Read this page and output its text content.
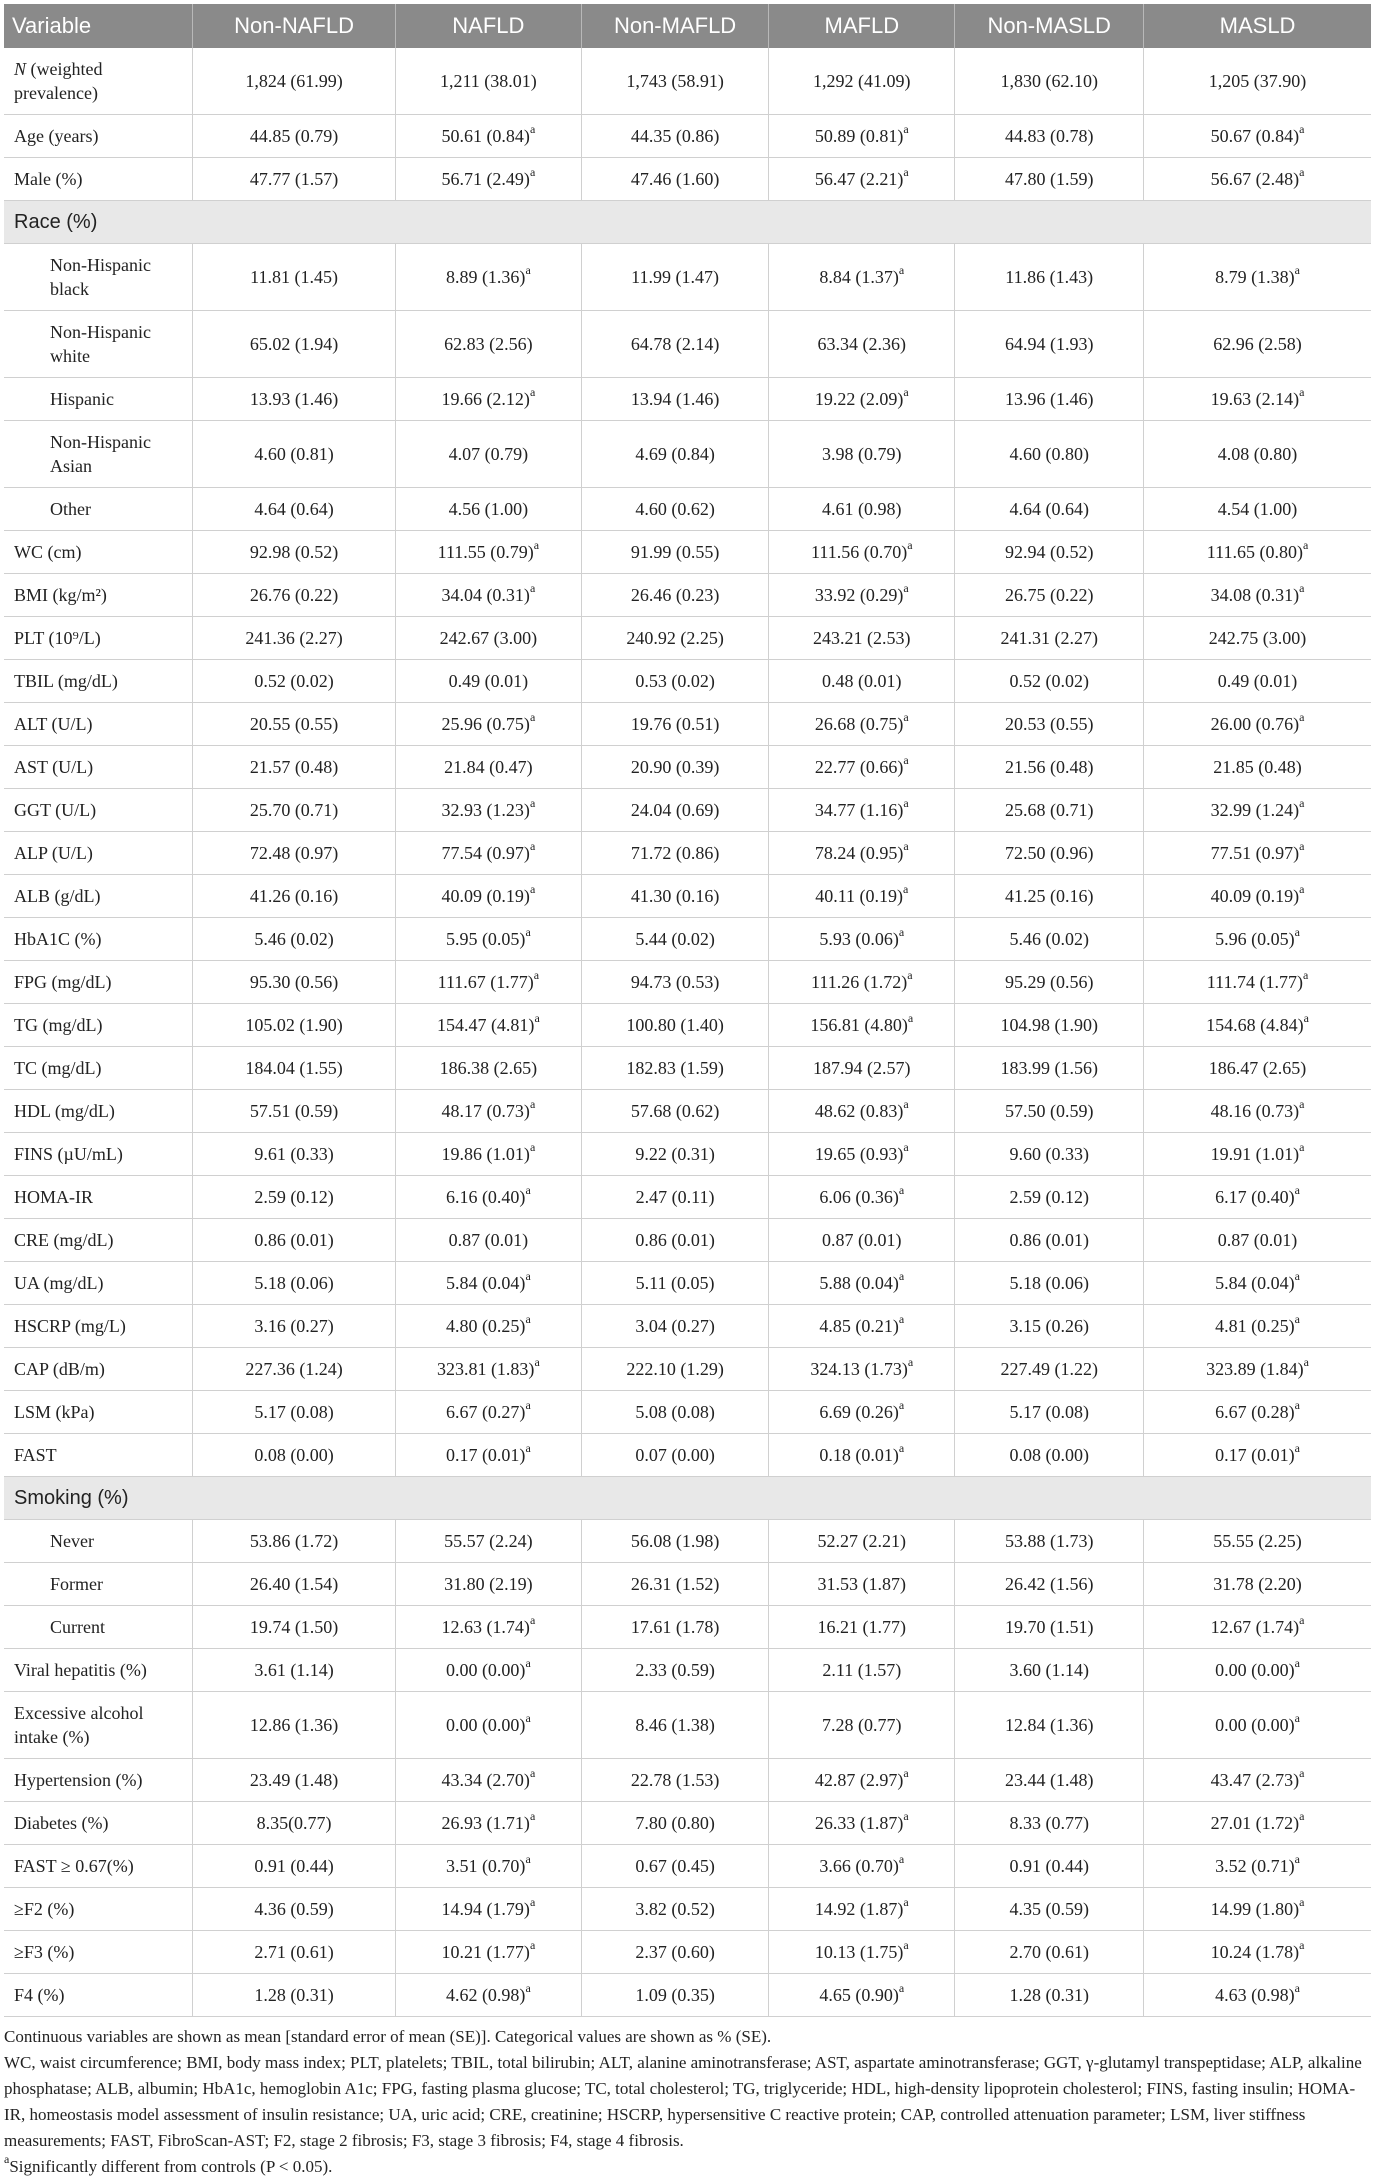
Variable	Non-NAFLD	NAFLD	Non-MAFLD	MAFLD	Non-MASLD	MASLD
N (weighted prevalence)	1,824 (61.99)	1,211 (38.01)	1,743 (58.91)	1,292 (41.09)	1,830 (62.10)	1,205 (37.90)
Age (years)	44.85 (0.79)	50.61 $(0.84)^a$	44.35 (0.86)	50.89 $(0.81)^a$	44.83 (0.78)	50.67 $(0.84)^a$
Male (%)	47.77 (1.57)	56.71 $(2.49)^a$	47.46 (1.60)	56.47 $(2.21)^a$	47.80 (1.59)	56.67 $(2.48)^a$
Race (%)						
Non-Hispanic black	11.81 (1.45)	8.89 $(1.36)^a$	11.99 (1.47)	8.84 $(1.37)^a$	11.86 (1.43)	8.79 $(1.38)^a$
Non-Hispanic white	65.02 (1.94)	62.83 (2.56)	64.78 (2.14)	63.34 (2.36)	64.94 (1.93)	62.96 (2.58)
Hispanic	13.93 (1.46)	19.66 $(2.12)^a$	13.94 (1.46)	19.22 $(2.09)^a$	13.96 (1.46)	19.63 $(2.14)^a$
Non-Hispanic Asian	4.60 (0.81)	4.07 (0.79)	4.69 (0.84)	3.98 (0.79)	4.60 (0.80)	4.08 (0.80)
Other	4.64 (0.64)	4.56 (1.00)	4.60 (0.62)	4.61 (0.98)	4.64 (0.64)	4.54 (1.00)
WC (cm)	92.98 (0.52)	111.55 $(0.79)^a$	91.99 (0.55)	111.56 $(0.70)^a$	92.94 (0.52)	111.65 $(0.80)^a$
BMI (kg/m²)	26.76 (0.22)	34.04 $(0.31)^a$	26.46 (0.23)	33.92 $(0.29)^a$	26.75 (0.22)	34.08 $(0.31)^a$
PLT (10⁹/L)	241.36 (2.27)	242.67 (3.00)	240.92 (2.25)	243.21 (2.53)	241.31 (2.27)	242.75 (3.00)
TBIL (mg/dL)	0.52 (0.02)	0.49 (0.01)	0.53 (0.02)	0.48 (0.01)	0.52 (0.02)	0.49 (0.01)
ALT (U/L)	20.55 (0.55)	25.96 $(0.75)^a$	19.76 (0.51)	26.68 $(0.75)^a$	20.53 (0.55)	26.00 $(0.76)^a$
AST (U/L)	21.57 (0.48)	21.84 (0.47)	20.90 (0.39)	22.77 $(0.66)^a$	21.56 (0.48)	21.85 (0.48)
GGT (U/L)	25.70 (0.71)	32.93 $(1.23)^a$	24.04 (0.69)	34.77 $(1.16)^a$	25.68 (0.71)	32.99 $(1.24)^a$
ALP (U/L)	72.48 (0.97)	77.54 $(0.97)^a$	71.72 (0.86)	78.24 $(0.95)^a$	72.50 (0.96)	77.51 $(0.97)^a$
ALB (g/dL)	41.26 (0.16)	40.09 $(0.19)^a$	41.30 (0.16)	40.11 $(0.19)^a$	41.25 (0.16)	40.09 $(0.19)^a$
HbA1C (%)	5.46 (0.02)	5.95 $(0.05)^a$	5.44 (0.02)	5.93 $(0.06)^a$	5.46 (0.02)	5.96 $(0.05)^a$
FPG (mg/dL)	95.30 (0.56)	111.67 $(1.77)^a$	94.73 (0.53)	111.26 $(1.72)^a$	95.29 (0.56)	111.74 $(1.77)^a$
TG (mg/dL)	105.02 (1.90)	154.47 $(4.81)^a$	100.80 (1.40)	156.81 $(4.80)^a$	104.98 (1.90)	154.68 $(4.84)^a$
TC (mg/dL)	184.04 (1.55)	186.38 (2.65)	182.83 (1.59)	187.94 (2.57)	183.99 (1.56)	186.47 (2.65)
HDL (mg/dL)	57.51 (0.59)	48.17 $(0.73)^a$	57.68 (0.62)	48.62 $(0.83)^a$	57.50 (0.59)	48.16 $(0.73)^a$
FINS (µU/mL)	9.61 (0.33)	19.86 $(1.01)^a$	9.22 (0.31)	19.65 $(0.93)^a$	9.60 (0.33)	19.91 $(1.01)^a$
HOMA-IR	2.59 (0.12)	6.16 $(0.40)^a$	2.47 (0.11)	6.06 $(0.36)^a$	2.59 (0.12)	6.17 $(0.40)^a$
CRE (mg/dL)	0.86 (0.01)	0.87 (0.01)	0.86 (0.01)	0.87 (0.01)	0.86 (0.01)	0.87 (0.01)
UA (mg/dL)	5.18 (0.06)	5.84 $(0.04)^a$	5.11 (0.05)	5.88 $(0.04)^a$	5.18 (0.06)	5.84 $(0.04)^a$
HSCRP (mg/L)	3.16 (0.27)	4.80 $(0.25)^a$	3.04 (0.27)	4.85 $(0.21)^a$	3.15 (0.26)	4.81 $(0.25)^a$
CAP (dB/m)	227.36 (1.24)	323.81 $(1.83)^a$	222.10 (1.29)	324.13 $(1.73)^a$	227.49 (1.22)	323.89 $(1.84)^a$
LSM (kPa)	5.17 (0.08)	6.67 $(0.27)^a$	5.08 (0.08)	6.69 $(0.26)^a$	5.17 (0.08)	6.67 $(0.28)^a$
FAST	0.08 (0.00)	0.17 $(0.01)^a$	0.07 (0.00)	0.18 $(0.01)^a$	0.08 (0.00)	0.17 $(0.01)^a$
Smoking (%)						
Never	53.86 (1.72)	55.57 (2.24)	56.08 (1.98)	52.27 (2.21)	53.88 (1.73)	55.55 (2.25)
Former	26.40 (1.54)	31.80 (2.19)	26.31 (1.52)	31.53 (1.87)	26.42 (1.56)	31.78 (2.20)
Current	19.74 (1.50)	12.63 $(1.74)^a$	17.61 (1.78)	16.21 (1.77)	19.70 (1.51)	12.67 $(1.74)^a$
Viral hepatitis (%)	3.61 (1.14)	0.00 $(0.00)^a$	2.33 (0.59)	2.11 (1.57)	3.60 (1.14)	0.00 $(0.00)^a$
Excessive alcohol intake (%)	12.86 (1.36)	0.00 $(0.00)^a$	8.46 (1.38)	7.28 (0.77)	12.84 (1.36)	0.00 $(0.00)^a$
Hypertension (%)	23.49 (1.48)	43.34 $(2.70)^a$	22.78 (1.53)	42.87 $(2.97)^a$	23.44 (1.48)	43.47 $(2.73)^a$
Diabetes (%)	8.35(0.77)	26.93 $(1.71)^a$	7.80 (0.80)	26.33 $(1.87)^a$	8.33 (0.77)	27.01 $(1.72)^a$
FAST ≥ 0.67(%)	0.91 (0.44)	3.51 $(0.70)^a$	0.67 (0.45)	3.66 $(0.70)^a$	0.91 (0.44)	3.52 $(0.71)^a$
≥F2 (%)	4.36 (0.59)	14.94 $(1.79)^a$	3.82 (0.52)	14.92 $(1.87)^a$	4.35 (0.59)	14.99 $(1.80)^a$
≥F3 (%)	2.71 (0.61)	10.21 $(1.77)^a$	2.37 (0.60)	10.13 $(1.75)^a$	2.70 (0.61)	10.24 $(1.78)^a$
F4 (%)	1.28 (0.31)	4.62 $(0.98)^a$	1.09 (0.35)	4.65 $(0.90)^a$	1.28 (0.31)	4.63 $(0.98)^a$

Continuous variables are shown as mean [standard error of mean (SE)]. Categorical values are shown as % (SE).

WC, waist circumference; BMI, body mass index; PLT, platelets; TBIL, total bilirubin; ALT, alanine aminotransferase; AST, aspartate aminotransferase; GGT, γ-glutamyl transpeptidase; ALP, alkaline phosphatase; ALB, albumin; HbA1c, hemoglobin A1c; FPG, fasting plasma glucose; TC, total cholesterol; TG, triglyceride; HDL, high-density lipoprotein cholesterol; FINS, fasting insulin; HOMA-IR, homeostasis model assessment of insulin resistance; UA, uric acid; CRE, creatinine; HSCRP, hypersensitive C reactive protein; CAP, controlled attenuation parameter; LSM, liver stiffness measurements; FAST, FibroScan-AST; F2, stage 2 fibrosis; F3, stage 3 fibrosis; F4, stage 4 fibrosis.

$^a$Significantly different from controls (P < 0.05).
